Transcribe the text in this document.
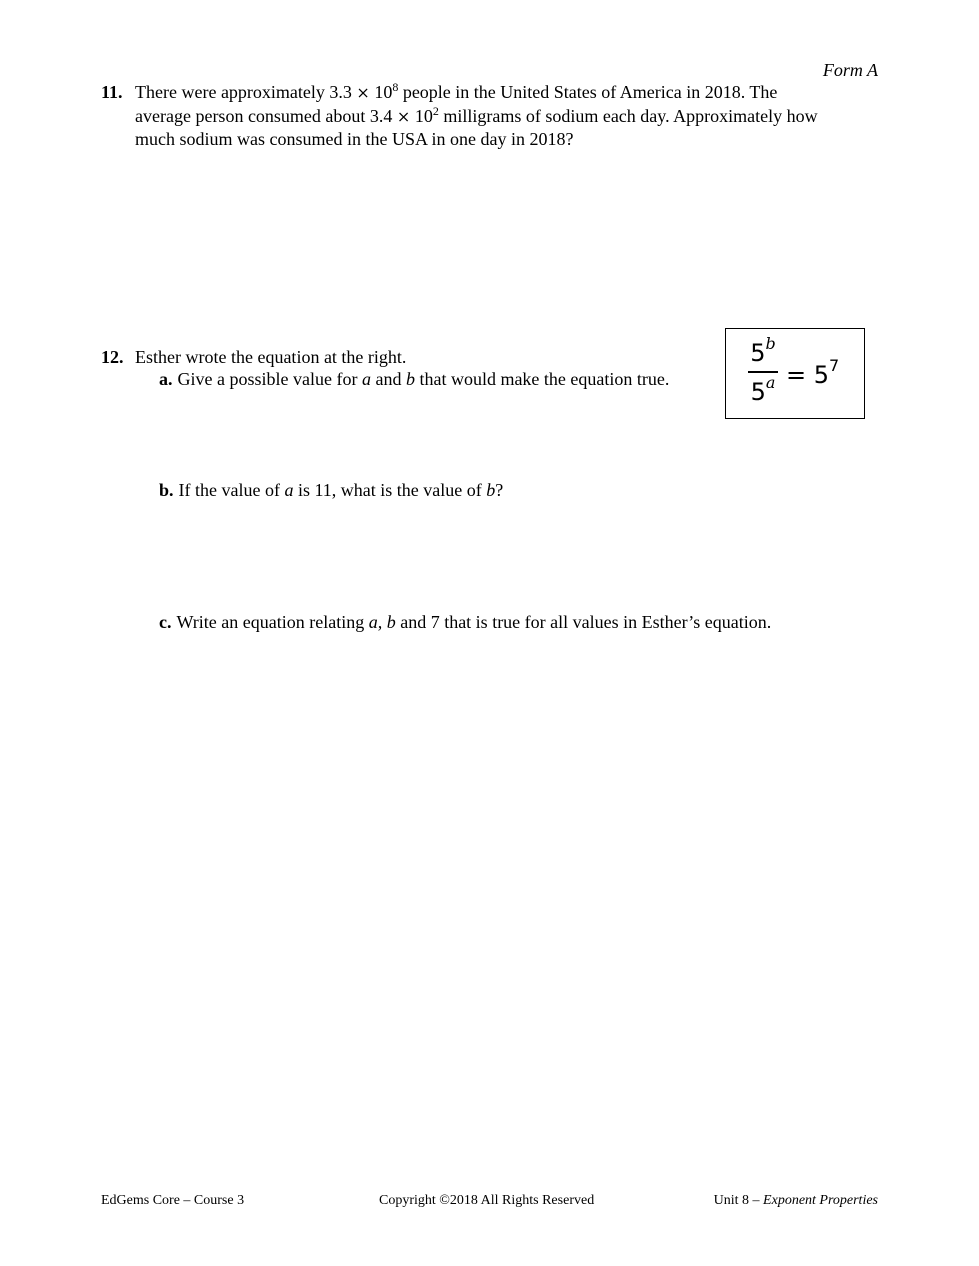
Form A
11. There were approximately $3.3 \times 10^8$ people in the United States of America in 2018. The
average person consumed about $3.4 \times 10^2$ milligrams of sodium each day. Approximately how
much sodium was consumed in the USA in one day in 2018?
12. Esther wrote the equation at the right.
a. Give a possible value for a and b that would make the equation true.
5$^b$
$5^a = 5^7$
b. If the value of a is 11, what is the value of b?
c. Write an equation relating a, b and 7 that is true for all values in Esther’s equation.
EdGems Core – Course 3	Copyright ©2018 All Rights Reserved	Unit 8 – Exponent Properties
